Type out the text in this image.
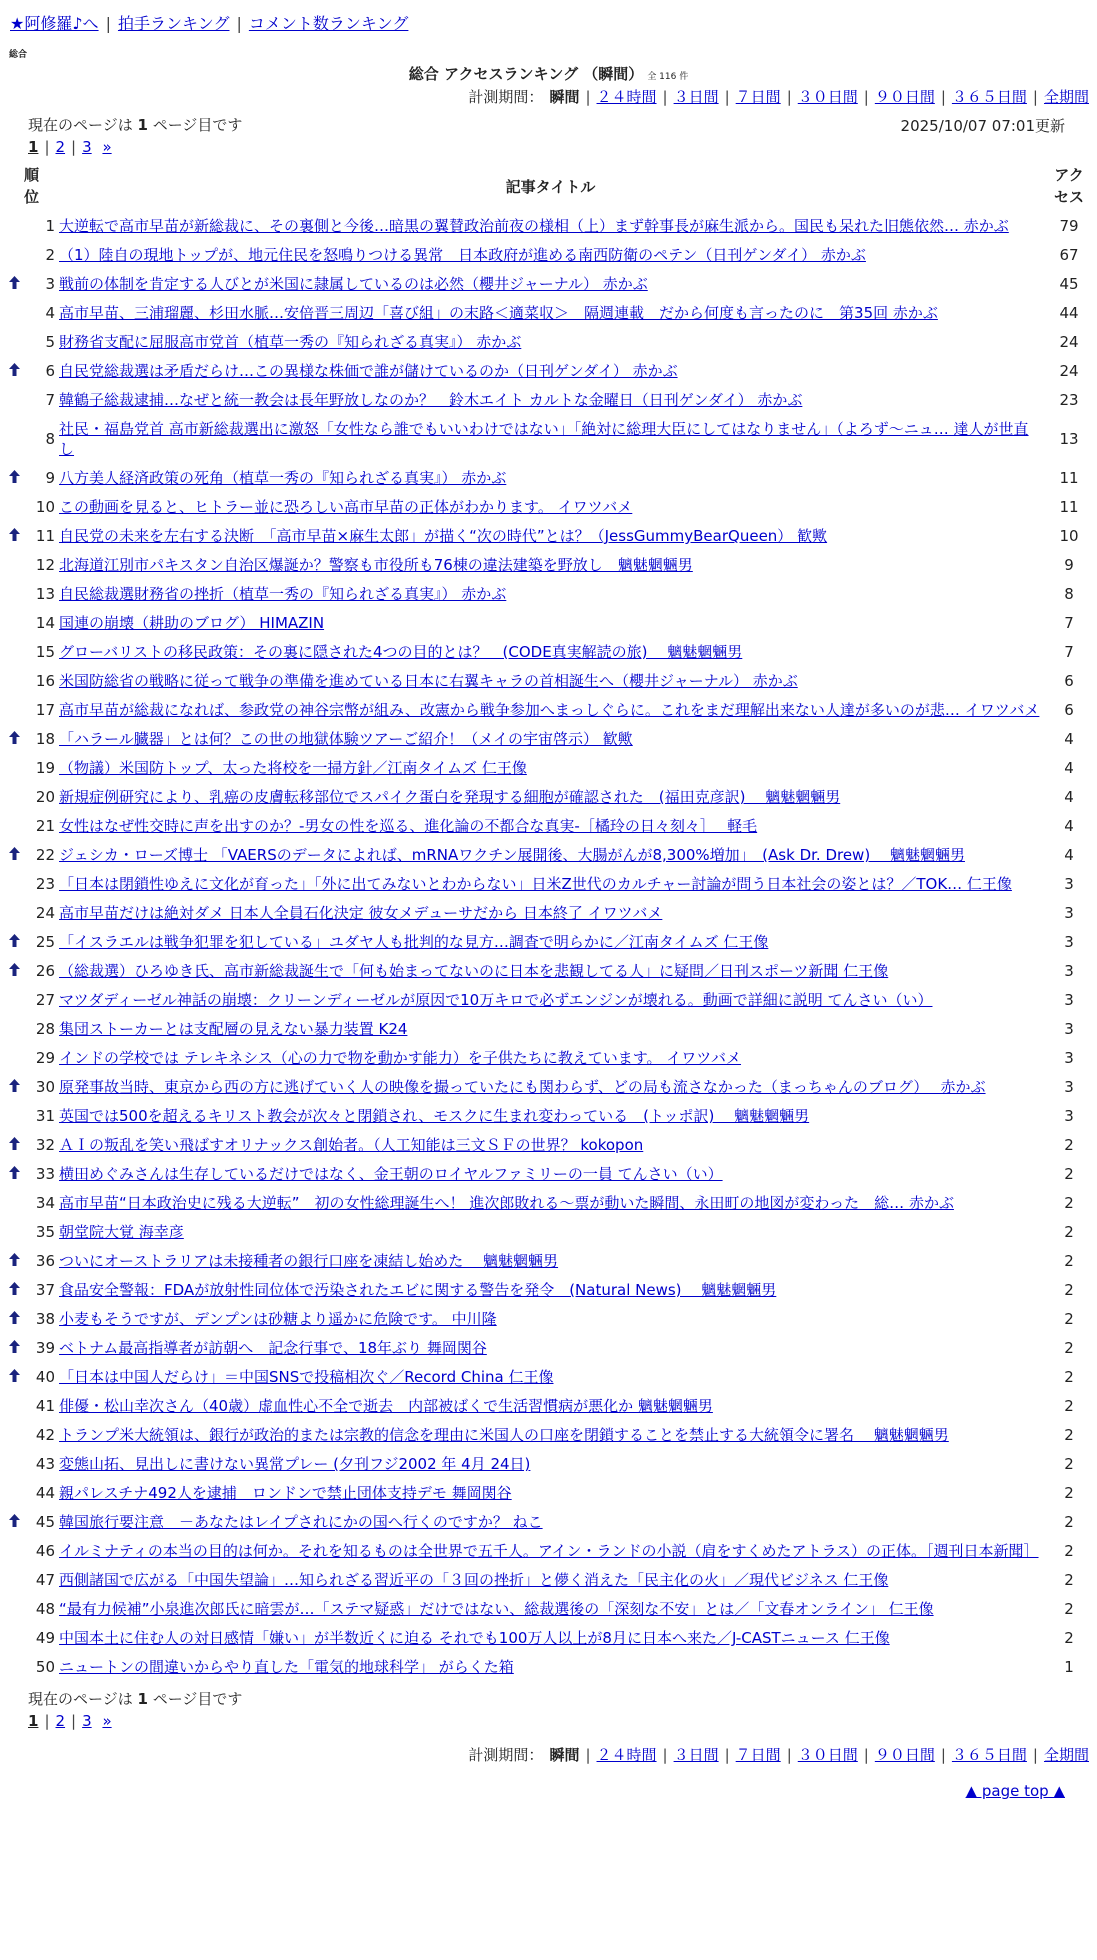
★阿修羅♪へ | 拍手ランキング | コメント数ランキング
総合
総合 アクセスランキング （瞬間） 全 116 件
計測期間： 瞬間 | ２４時間 | ３日間 | ７日間 | ３０日間 | ９０日間 | ３６５日間 | 全期間
現在のページは 1 ページ目です	2025/10/07 07:01更新
1 | 2 | 3 »
順
位		記事タイトル	アク
セス
	1	大逆転で高市早苗が新総裁に、その裏側と今後…暗黒の翼賛政治前夜の様相（上）まず幹事長が麻生派から。国民も呆れた旧態依然… 赤かぶ	79
	2	（1）陸自の現地トップが、地元住民を怒鳴りつける異常　日本政府が進める南西防衛のペテン（日刊ゲンダイ） 赤かぶ	67
	3	戦前の体制を肯定する人びとが米国に隷属しているのは必然（櫻井ジャーナル） 赤かぶ	45
	4	高市早苗、三浦瑠麗、杉田水脈…安倍晋三周辺「喜び組」の末路＜適菜収＞　隔週連載　だから何度も言ったのに　第35回 赤かぶ	44
	5	財務省支配に屈服高市党首（植草一秀の『知られざる真実』） 赤かぶ	24
	6	自民党総裁選は矛盾だらけ…この異様な株価で誰が儲けているのか（日刊ゲンダイ） 赤かぶ	24
	7	韓鶴子総裁逮捕…なぜと統一教会は長年野放しなのか？　鈴木エイト カルトな金曜日（日刊ゲンダイ） 赤かぶ	23
	8	社民・福島党首 高市新総裁選出に激怒「女性なら誰でもいいわけではない」「絶対に総理大臣にしてはなりません」（よろず〜ニュ… 達人が世直し	13
	9	八方美人経済政策の死角（植草一秀の『知られざる真実』） 赤かぶ	11
	10	この動画を見ると、ヒトラー並に恐ろしい高市早苗の正体がわかります。 イワツバメ	11
	11	自民党の未来を左右する決断　「高市早苗×麻生太郎」が描く“次の時代”とは？（JessGummyBearQueen） 歓歟	10
	12	北海道江別市パキスタン自治区爆誕か？警察も市役所も76棟の違法建築を野放し　魑魅魍魎男	9
	13	自民総裁選財務省の挫折（植草一秀の『知られざる真実』） 赤かぶ	8
	14	国連の崩壊（耕助のブログ） HIMAZIN	7
	15	グローバリストの移民政策：その裏に隠された4つの目的とは？　(CODE真実解読の旅)　 魑魅魍魎男	7
	16	米国防総省の戦略に従って戦争の準備を進めている日本に右翼キャラの首相誕生へ（櫻井ジャーナル） 赤かぶ	6
	17	高市早苗が総裁になれば、参政党の神谷宗幣が組み、改憲から戦争参加へまっしぐらに。これをまだ理解出来ない人達が多いのが悲… イワツバメ	6
	18	「ハラール臓器」とは何？この世の地獄体験ツアーご紹介！（メイの宇宙啓示） 歓歟	4
	19	（物議）米国防トップ、太った将校を一掃方針／江南タイムズ 仁王像	4
	20	新規症例研究により、乳癌の皮膚転移部位でスパイク蛋白を発現する細胞が確認された　(福田克彦訳)　 魑魅魍魎男	4
	21	女性はなぜ性交時に声を出すのか？-男女の性を巡る、進化論の不都合な真実-［橘玲の日々刻々］　 軽毛	4
	22	ジェシカ・ローズ博士 「VAERSのデータによれば、mRNAワクチン展開後、大腸がんが8,300%増加」　(Ask Dr. Drew)　 魑魅魍魎男	4
	23	「日本は閉鎖性ゆえに文化が育った」「外に出てみないとわからない」日米Z世代のカルチャー討論が問う日本社会の姿とは？／TOK… 仁王像	3
	24	高市早苗だけは絶対ダメ 日本人全員石化決定 彼女メデューサだから 日本終了 イワツバメ	3
	25	「イスラエルは戦争犯罪を犯している」ユダヤ人も批判的な見方…調査で明らかに／江南タイムズ 仁王像	3
	26	（総裁選）ひろゆき氏、高市新総裁誕生で「何も始まってないのに日本を悲観してる人」に疑問／日刊スポーツ新聞 仁王像	3
	27	マツダディーゼル神話の崩壊：クリーンディーゼルが原因で10万キロで必ずエンジンが壊れる。動画で詳細に説明 てんさい（い）	3
	28	集団ストーカーとは支配層の見えない暴力装置 K24	3
	29	インドの学校では テレキネシス（心の力で物を動かす能力）を子供たちに教えています。 イワツバメ	3
	30	原発事故当時、東京から西の方に逃げていく人の映像を撮っていたにも関わらず、どの局も流さなかった（まっちゃんのブログ）　 赤かぶ	3
	31	英国では500を超えるキリスト教会が次々と閉鎖され、モスクに生まれ変わっている　(トッポ訳)　 魑魅魍魎男	3
	32	ＡＩの叛乱を笑い飛ばすオリナックス創始者。（人工知能は三文ＳＦの世界？ kokopon	2
	33	横田めぐみさんは生存しているだけではなく、金王朝のロイヤルファミリーの一員 てんさい（い）	2
	34	高市早苗“日本政治史に残る大逆転”　初の女性総理誕生へ！ 進次郎敗れる〜票が動いた瞬間、永田町の地図が変わった　総… 赤かぶ	2
	35	朝堂院大覚 海幸彦	2
	36	ついにオーストラリアは未接種者の銀行口座を凍結し始めた　 魑魅魍魎男	2
	37	食品安全警報：FDAが放射性同位体で汚染されたエビに関する警告を発令　(Natural News)　 魑魅魍魎男	2
	38	小麦もそうですが、デンプンは砂糖より遥かに危険です。 中川隆	2
	39	ベトナム最高指導者が訪朝へ　記念行事で、18年ぶり 舞岡関谷	2
	40	「日本は中国人だらけ」＝中国SNSで投稿相次ぐ／Record China 仁王像	2
	41	俳優・松山幸次さん（40歳）虚血性心不全で逝去　内部被ばくで生活習慣病が悪化か 魑魅魍魎男	2
	42	トランプ米大統領は、銀行が政治的または宗教的信念を理由に米国人の口座を閉鎖することを禁止する大統領令に署名　 魑魅魍魎男	2
	43	変態山拓、見出しに書けない異常プレー (夕刊フジ2002 年 4月 24日)	2
	44	親パレスチナ492人を逮捕　ロンドンで禁止団体支持デモ 舞岡関谷	2
	45	韓国旅行要注意　－あなたはレイプされにかの国へ行くのですか？ ねこ	2
	46	イルミナティの本当の目的は何か。それを知るものは全世界で五千人。アイン・ランドの小説（肩をすくめたアトラス）の正体。［週刊日本新聞］	2
	47	西側諸国で広がる「中国失望論」…知られざる習近平の「３回の挫折」と儚く消えた「民主化の火」／現代ビジネス 仁王像	2
	48	“最有力候補”小泉進次郎氏に暗雲が…「ステマ疑惑」だけではない、総裁選後の「深刻な不安」とは／「文春オンライン」 仁王像	2
	49	中国本土に住む人の対日感情「嫌い」が半数近くに迫る それでも100万人以上が8月に日本へ来た／J-CASTニュース 仁王像	2
	50	ニュートンの間違いからやり直した「電気的地球科学」 がらくた箱	1
現在のページは 1 ページ目です
1 | 2 | 3 »
計測期間： 瞬間 | ２４時間 | ３日間 | ７日間 | ３０日間 | ９０日間 | ３６５日間 | 全期間
▲ page top ▲
